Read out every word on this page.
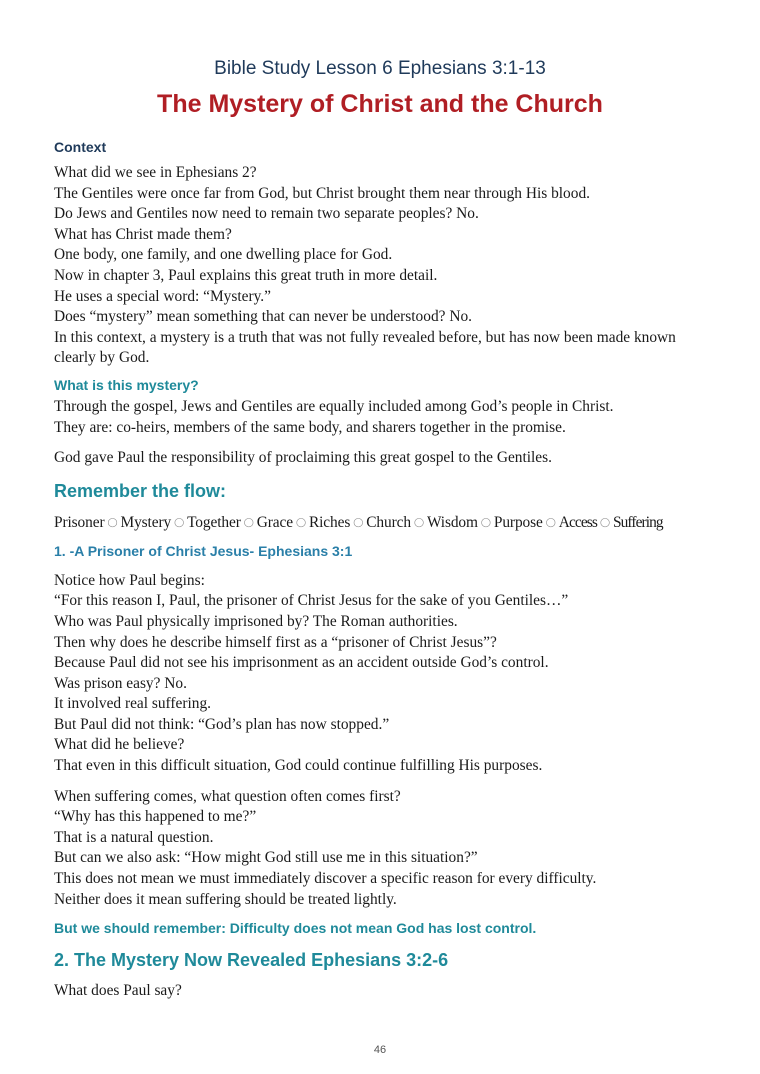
Bible Study Lesson 6 Ephesians 3:1-13
The Mystery of Christ and the Church
Context

What did we see in Ephesians 2?

The Gentiles were once far from God, but Christ brought them near through His blood.

Do Jews and Gentiles now need to remain two separate peoples? No.

What has Christ made them?

One body, one family, and one dwelling place for God.

Now in chapter 3, Paul explains this great truth in more detail.

He uses a special word: “Mystery.”

Does “mystery” mean something that can never be understood? No.

In this context, a mystery is a truth that was not fully revealed before, but has now been made known clearly by God.

What is this mystery?

Through the gospel, Jews and Gentiles are equally included among God’s people in Christ.

They are: co-heirs, members of the same body, and sharers together in the promise.

God gave Paul the responsibility of proclaiming this great gospel to the Gentiles.

Remember the flow:

Prisoner ◯ Mystery ◯ Together ◯ Grace ◯ Riches ◯ Church ◯ Wisdom ◯ Purpose ◯ Access ◯ Suffering

1. -A Prisoner of Christ Jesus- Ephesians 3:1

Notice how Paul begins:

“For this reason I, Paul, the prisoner of Christ Jesus for the sake of you Gentiles…”

Who was Paul physically imprisoned by? The Roman authorities.

Then why does he describe himself first as a “prisoner of Christ Jesus”?

Because Paul did not see his imprisonment as an accident outside God’s control.

Was prison easy? No.

It involved real suffering.

But Paul did not think: “God’s plan has now stopped.”

What did he believe?

That even in this difficult situation, God could continue fulfilling His purposes.

When suffering comes, what question often comes first?

“Why has this happened to me?”

That is a natural question.

But can we also ask: “How might God still use me in this situation?”

This does not mean we must immediately discover a specific reason for every difficulty.

Neither does it mean suffering should be treated lightly.

But we should remember: Difficulty does not mean God has lost control.
2. The Mystery Now Revealed Ephesians 3:2-6

What does Paul say?

46
